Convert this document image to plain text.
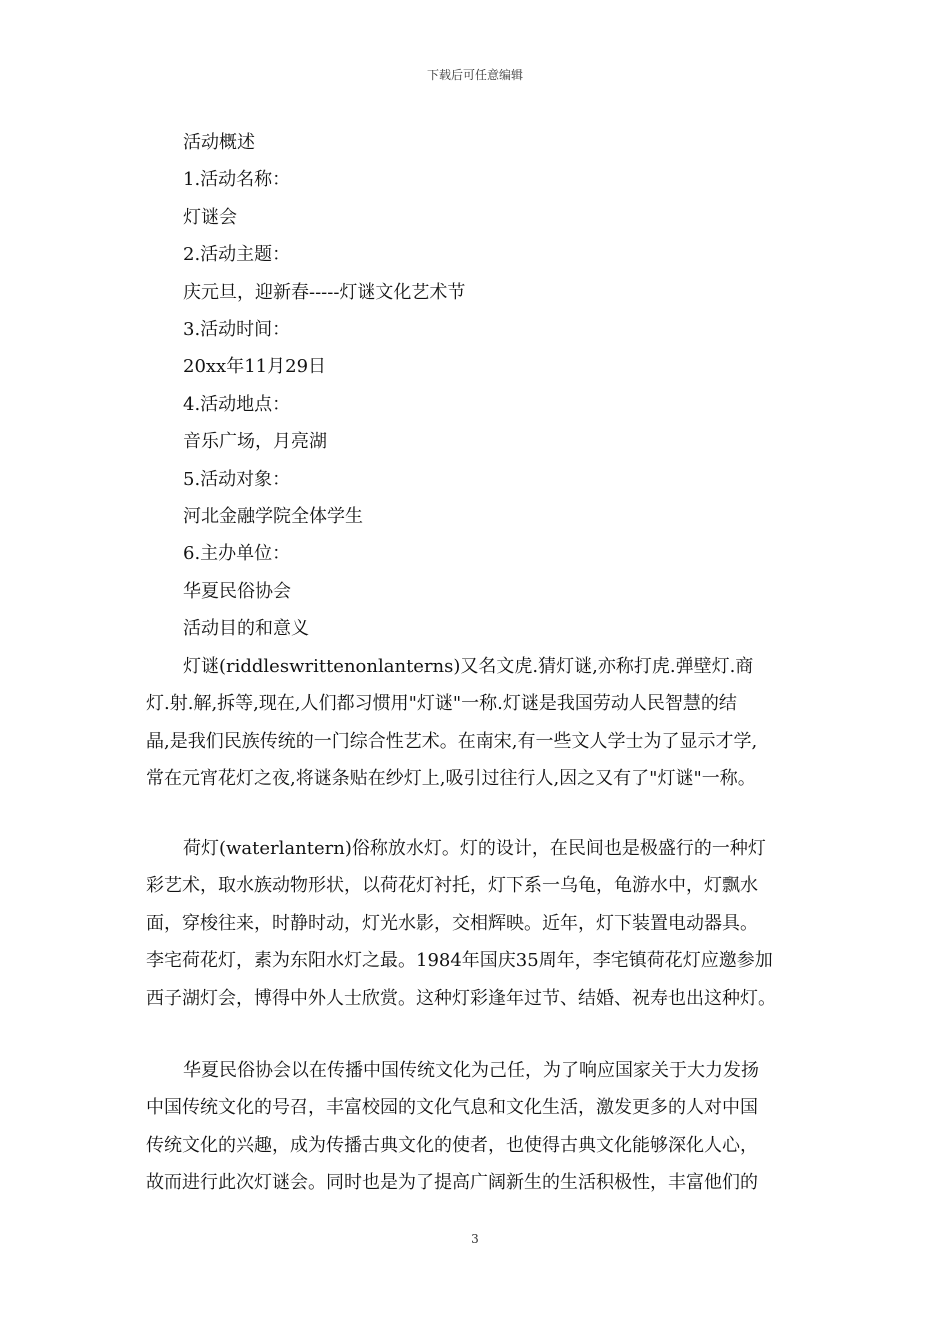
下载后可任意编辑
活动概述
1.活动名称：
灯谜会
2.活动主题：
庆元旦，迎新春-----灯谜文化艺术节
3.活动时间：
20xx年11月29日
4.活动地点：
音乐广场，月亮湖
5.活动对象：
河北金融学院全体学生
6.主办单位：
华夏民俗协会
活动目的和意义
灯谜(riddleswrittenonlanterns)又名文虎.猜灯谜,亦称打虎.弹壁灯.商
灯.射.解,拆等,现在,人们都习惯用"灯谜"一称.灯谜是我国劳动人民智慧的结
晶,是我们民族传统的一门综合性艺术。在南宋,有一些文人学士为了显示才学,
常在元宵花灯之夜,将谜条贴在纱灯上,吸引过往行人,因之又有了"灯谜"一称。
荷灯(waterlantern)俗称放水灯。灯的设计，在民间也是极盛行的一种灯
彩艺术，取水族动物形状，以荷花灯衬托，灯下系一乌龟，龟游水中，灯飘水
面，穿梭往来，时静时动，灯光水影，交相辉映。近年，灯下装置电动器具。
李宅荷花灯，素为东阳水灯之最。1984年国庆35周年，李宅镇荷花灯应邀参加
西子湖灯会，博得中外人士欣赏。这种灯彩逢年过节、结婚、祝寿也出这种灯。
华夏民俗协会以在传播中国传统文化为己任，为了响应国家关于大力发扬
中国传统文化的号召，丰富校园的文化气息和文化生活，激发更多的人对中国
传统文化的兴趣，成为传播古典文化的使者，也使得古典文化能够深化人心，
故而进行此次灯谜会。同时也是为了提高广阔新生的生活积极性，丰富他们的
3
